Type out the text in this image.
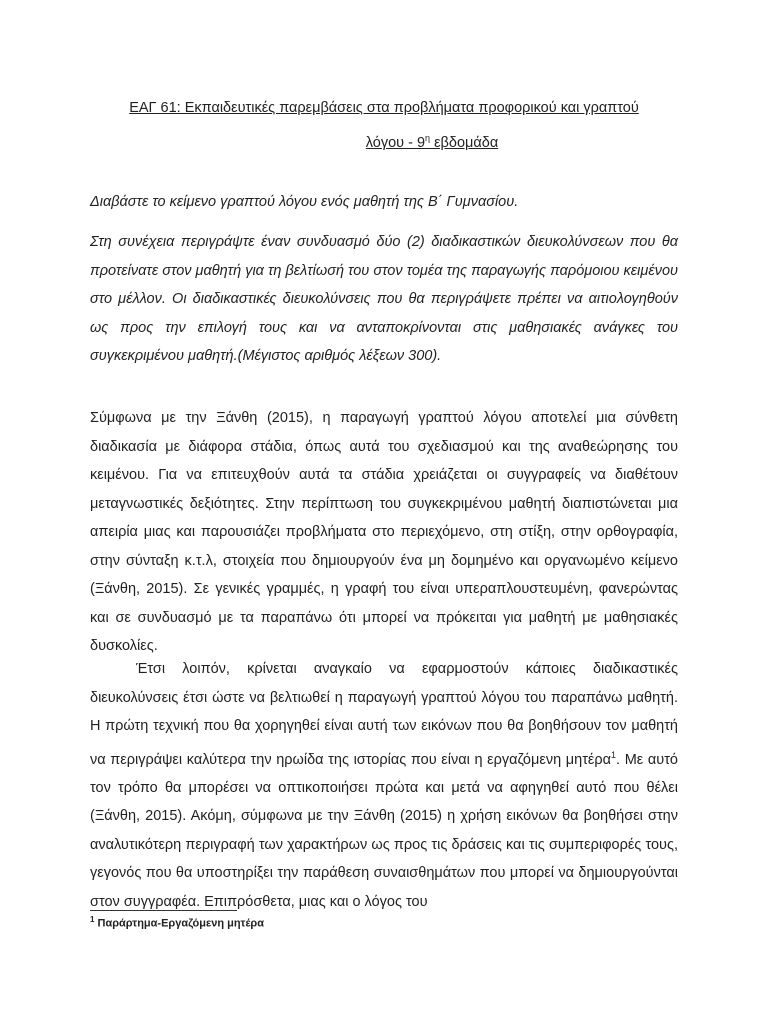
ΕΑΓ 61: Εκπαιδευτικές παρεμβάσεις στα προβλήματα προφορικού και γραπτού
λόγου - $9^\eta$ εβδομάδα
Διαβάστε το κείμενο γραπτού λόγου ενός μαθητή της Β΄ Γυμνασίου.
Στη συνέχεια περιγράψτε έναν συνδυασμό δύο (2) διαδικαστικών διευκολύνσεων που θα προτείνατε στον μαθητή για τη βελτίωσή του στον τομέα της παραγωγής παρόμοιου κειμένου στο μέλλον. Οι διαδικαστικές διευκολύνσεις που θα περιγράψετε πρέπει να αιτιολογηθούν ως προς την επιλογή τους και να ανταποκρίνονται στις μαθησιακές ανάγκες του συγκεκριμένου μαθητή.(Μέγιστος αριθμός λέξεων 300).
Σύμφωνα με την Ξάνθη (2015), η παραγωγή γραπτού λόγου αποτελεί μια σύνθετη διαδικασία με διάφορα στάδια, όπως αυτά του σχεδιασμού και της αναθεώρησης του κειμένου. Για να επιτευχθούν αυτά τα στάδια χρειάζεται οι συγγραφείς να διαθέτουν μεταγνωστικές δεξιότητες. Στην περίπτωση του συγκεκριμένου μαθητή διαπιστώνεται μια απειρία μιας και παρουσιάζει προβλήματα στο περιεχόμενο, στη στίξη, στην ορθογραφία, στην σύνταξη κ.τ.λ, στοιχεία που δημιουργούν ένα μη δομημένο και οργανωμένο κείμενο (Ξάνθη, 2015). Σε γενικές γραμμές, η γραφή του είναι υπεραπλουστευμένη, φανερώντας και σε συνδυασμό με τα παραπάνω ότι μπορεί να πρόκειται για μαθητή με μαθησιακές δυσκολίες.
Έτσι λοιπόν, κρίνεται αναγκαίο να εφαρμοστούν κάποιες διαδικαστικές διευκολύνσεις έτσι ώστε να βελτιωθεί η παραγωγή γραπτού λόγου του παραπάνω μαθητή. Η πρώτη τεχνική που θα χορηγηθεί είναι αυτή των εικόνων που θα βοηθήσουν τον μαθητή να περιγράψει καλύτερα την ηρωίδα της ιστορίας που είναι η εργαζόμενη μητέρα$^1$. Με αυτό τον τρόπο θα μπορέσει να οπτικοποιήσει πρώτα και μετά να αφηγηθεί αυτό που θέλει (Ξάνθη, 2015). Ακόμη, σύμφωνα με την Ξάνθη (2015) η χρήση εικόνων θα βοηθήσει στην αναλυτικότερη περιγραφή των χαρακτήρων ως προς τις δράσεις και τις συμπεριφορές τους, γεγονός που θα υποστηρίξει την παράθεση συναισθημάτων που μπορεί να δημιουργούνται στον συγγραφέα. Επιπρόσθετα, μιας και ο λόγος του
$^1$ Παράρτημα-Εργαζόμενη μητέρα
